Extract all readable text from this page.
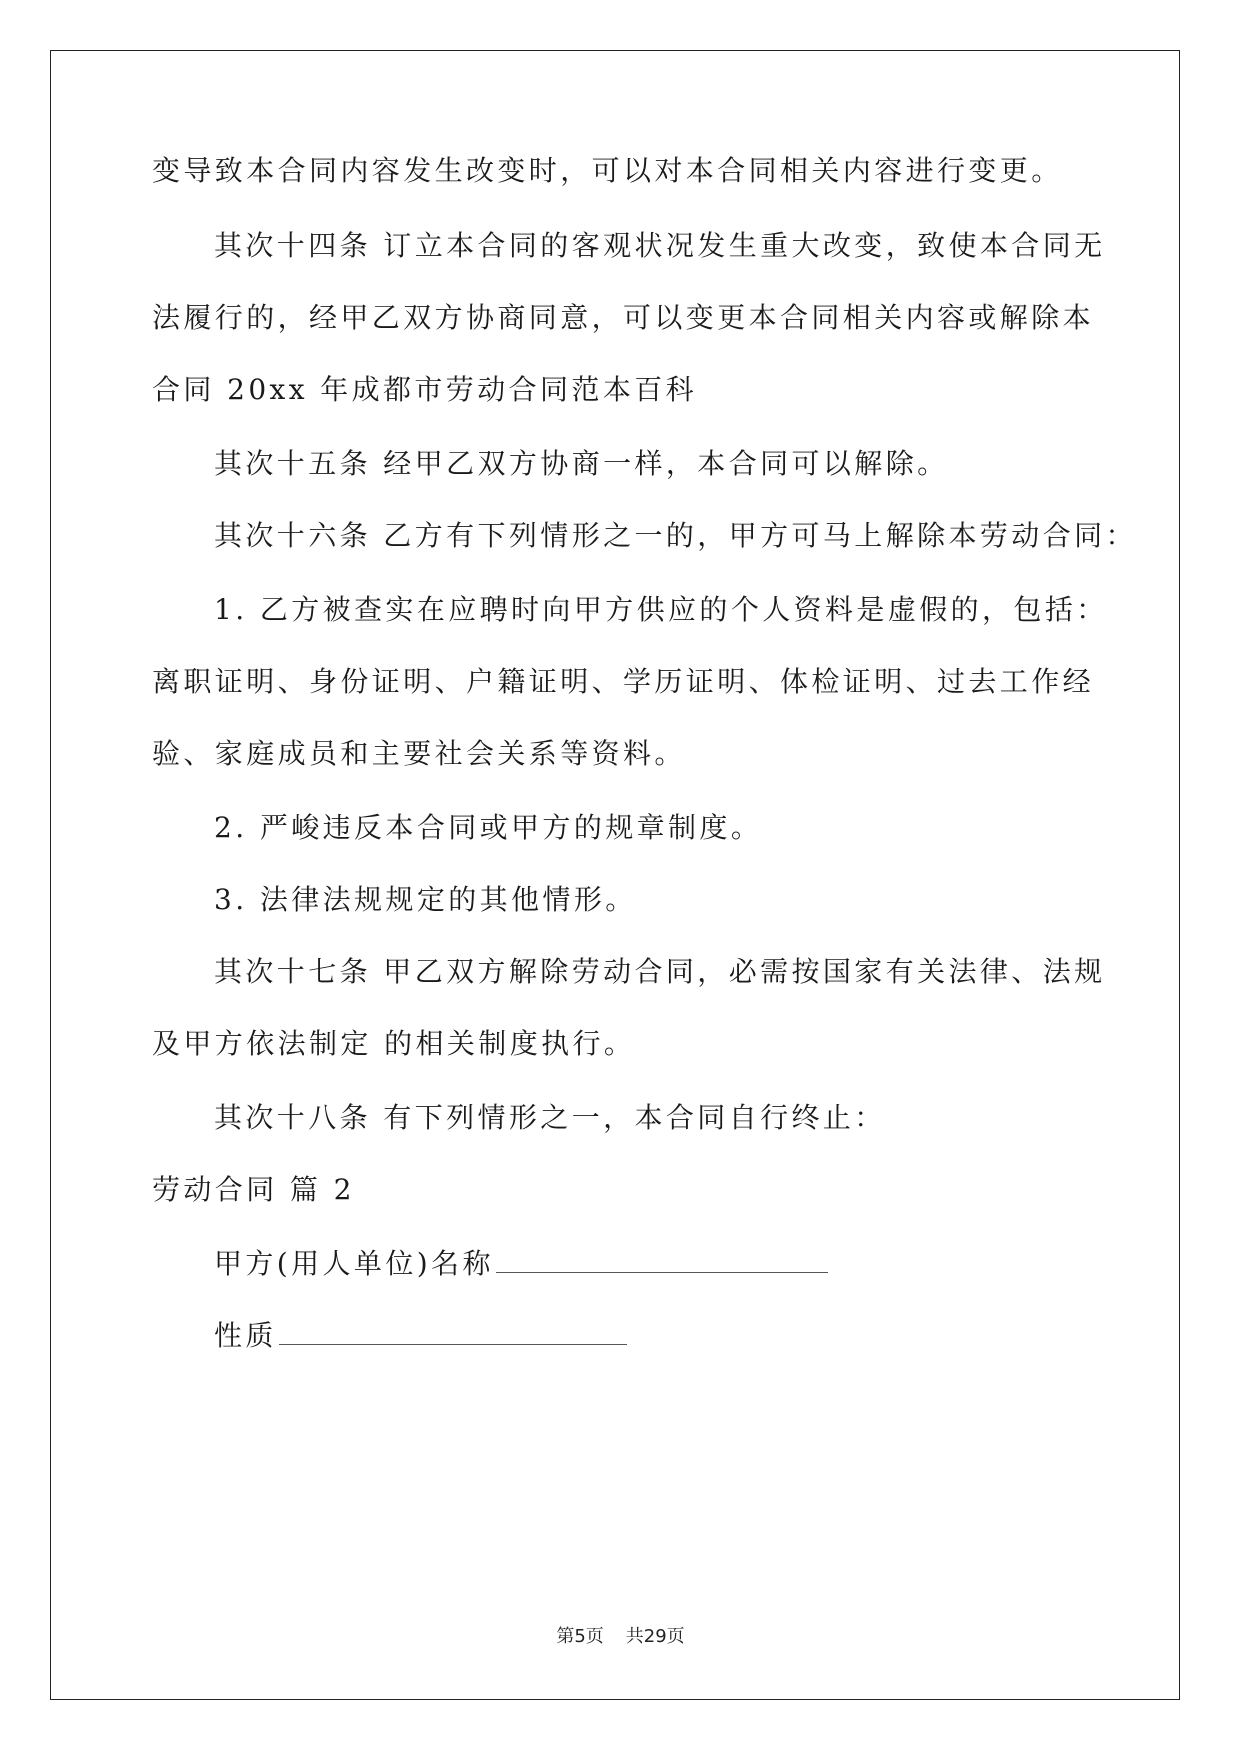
变导致本合同内容发生改变时，可以对本合同相关内容进行变更。
其次十四条 订立本合同的客观状况发生重大改变，致使本合同无
法履行的，经甲乙双方协商同意，可以变更本合同相关内容或解除本
合同 20xx 年成都市劳动合同范本百科
其次十五条 经甲乙双方协商一样，本合同可以解除。
其次十六条 乙方有下列情形之一的，甲方可马上解除本劳动合同：
1. 乙方被查实在应聘时向甲方供应的个人资料是虚假的，包括：
离职证明、身份证明、户籍证明、学历证明、体检证明、过去工作经
验、家庭成员和主要社会关系等资料。
2. 严峻违反本合同或甲方的规章制度。
3. 法律法规规定的其他情形。
其次十七条 甲乙双方解除劳动合同，必需按国家有关法律、法规
及甲方依法制定 的相关制度执行。
其次十八条 有下列情形之一，本合同自行终止：
劳动合同 篇 2
甲方(用人单位)名称
性质
第5页 共29页
